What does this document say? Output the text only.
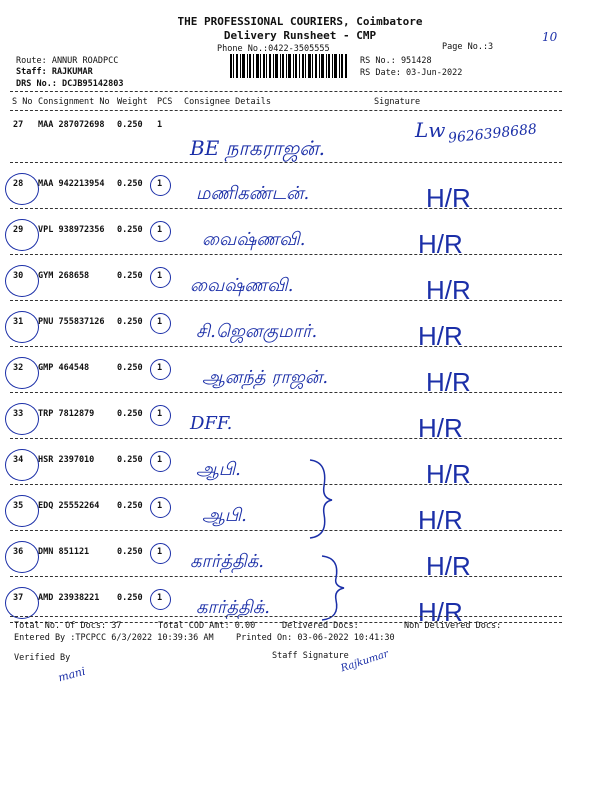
10
THE PROFESSIONAL COURIERS, Coimbatore
Delivery Runsheet - CMP
Phone No.:0422-3505555	Page No.:3
Route: ANNUR ROADPCC
Staff: RAJKUMAR
DRS No.: DCJB95142803
RS No.: 951428
RS Date: 03-Jun-2022
S No Consignment No Weight PCS Consignee Details	Signature
27 MAA 287072698 0.250 1
BE நாகராஜன்.
9626398688
Lw
28 MAA 942213954 0.250 1 மணிகண்டன்.	H/R
29 VPL 938972356 0.250 1 வைஷ்ணவி.	H/R
30 GYM 268658	0.250 1 வைஷ்ணவி.	H/R
31 PNU 755837126 0.250 1 சி.ஜெனகுமார்.	H/R
32 GMP 464548	0.250 1 ஆனந்த் ராஜன்.	H/R
33 TRP 7812879	0.250 1 DFF.	H/R
34 HSR 2397010	0.250 1 ஆபி.	H/R
35 EDQ 25552264 0.250 1 ஆபி.	H/R
36 DMN 851121	0.250 1 கார்த்திக்.	H/R
37 AMD 23938221 0.250 1 கார்த்திக்.	H/R
Total No. Of Docs: 37	Total COD Amt: 0.00	Delivered Docs:	Non Delivered Docs:
Entered By :TPCPCC 6/3/2022 10:39:36 AM	Printed On: 03-06-2022 10:41:30
Verified By	Staff Signature
mani
Rajkumar
